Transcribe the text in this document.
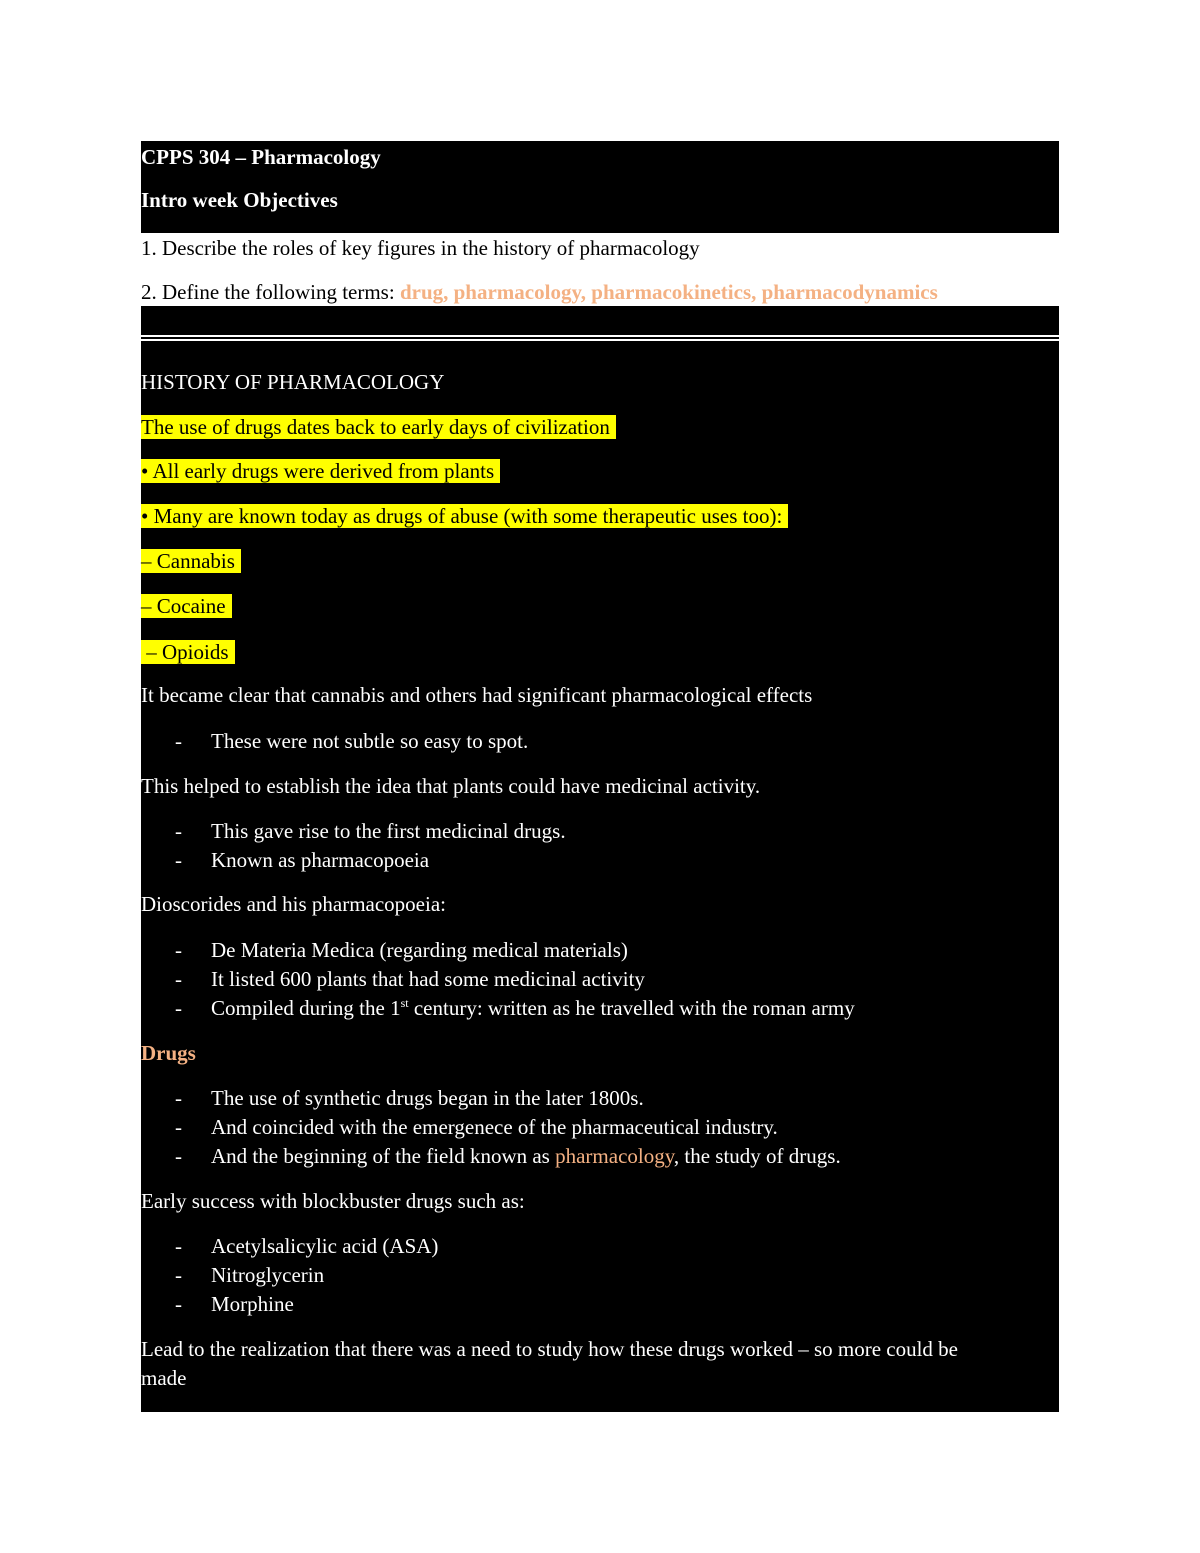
CPPS 304 – Pharmacology
Intro week Objectives
1. Describe the roles of key figures in the history of pharmacology
2. Define the following terms: drug, pharmacology, pharmacokinetics, pharmacodynamics
HISTORY OF PHARMACOLOGY
The use of drugs dates back to early days of civilization
• All early drugs were derived from plants
• Many are known today as drugs of abuse (with some therapeutic uses too):
– Cannabis
– Cocaine
– Opioids
It became clear that cannabis and others had significant pharmacological effects
- These were not subtle so easy to spot.
This helped to establish the idea that plants could have medicinal activity.
- This gave rise to the first medicinal drugs.
- Known as pharmacopoeia
Dioscorides and his pharmacopoeia:
- De Materia Medica (regarding medical materials)
- It listed 600 plants that had some medicinal activity
- Compiled during the 1st century: written as he travelled with the roman army
Drugs
- The use of synthetic drugs began in the later 1800s.
- And coincided with the emergenece of the pharmaceutical industry.
- And the beginning of the field known as pharmacology, the study of drugs.
Early success with blockbuster drugs such as:
- Acetylsalicylic acid (ASA)
- Nitroglycerin
- Morphine
Lead to the realization that there was a need to study how these drugs worked – so more could be
made
